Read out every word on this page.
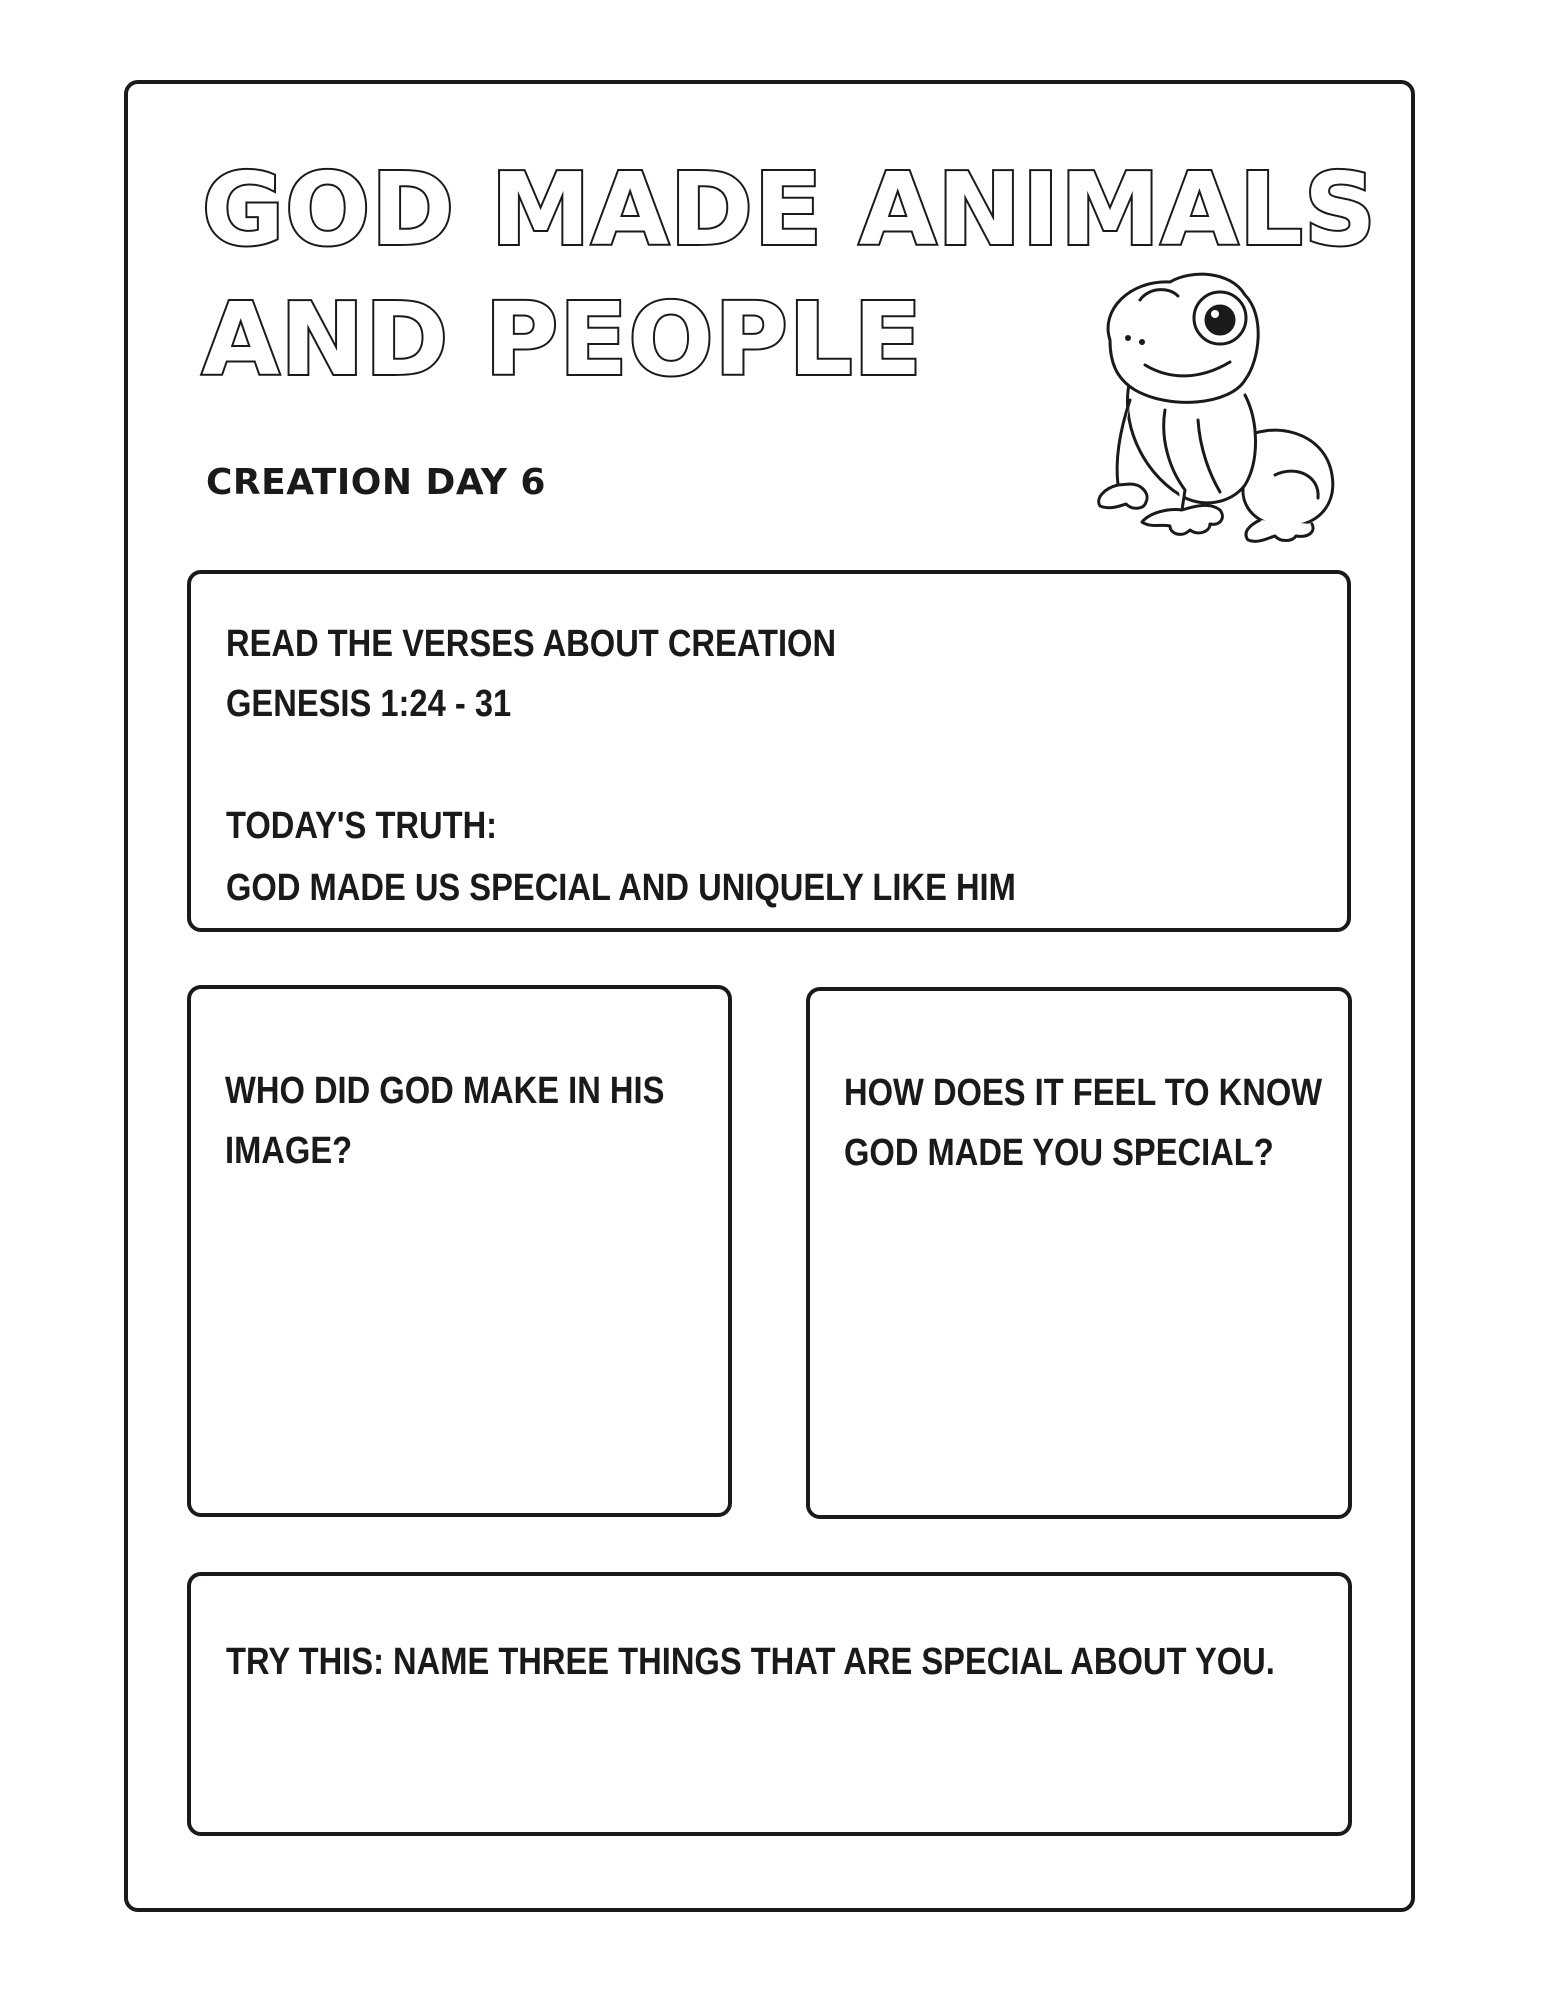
GOD MADE ANIMALS
AND PEOPLE

CREATION DAY 6

READ THE VERSES ABOUT CREATION

GENESIS 1:24 - 31

TODAY'S TRUTH:

GOD MADE US SPECIAL AND UNIQUELY LIKE HIM

WHO DID GOD MAKE IN HIS
IMAGE?

HOW DOES IT FEEL TO KNOW
GOD MADE YOU SPECIAL?

TRY THIS: NAME THREE THINGS THAT ARE SPECIAL ABOUT YOU.
